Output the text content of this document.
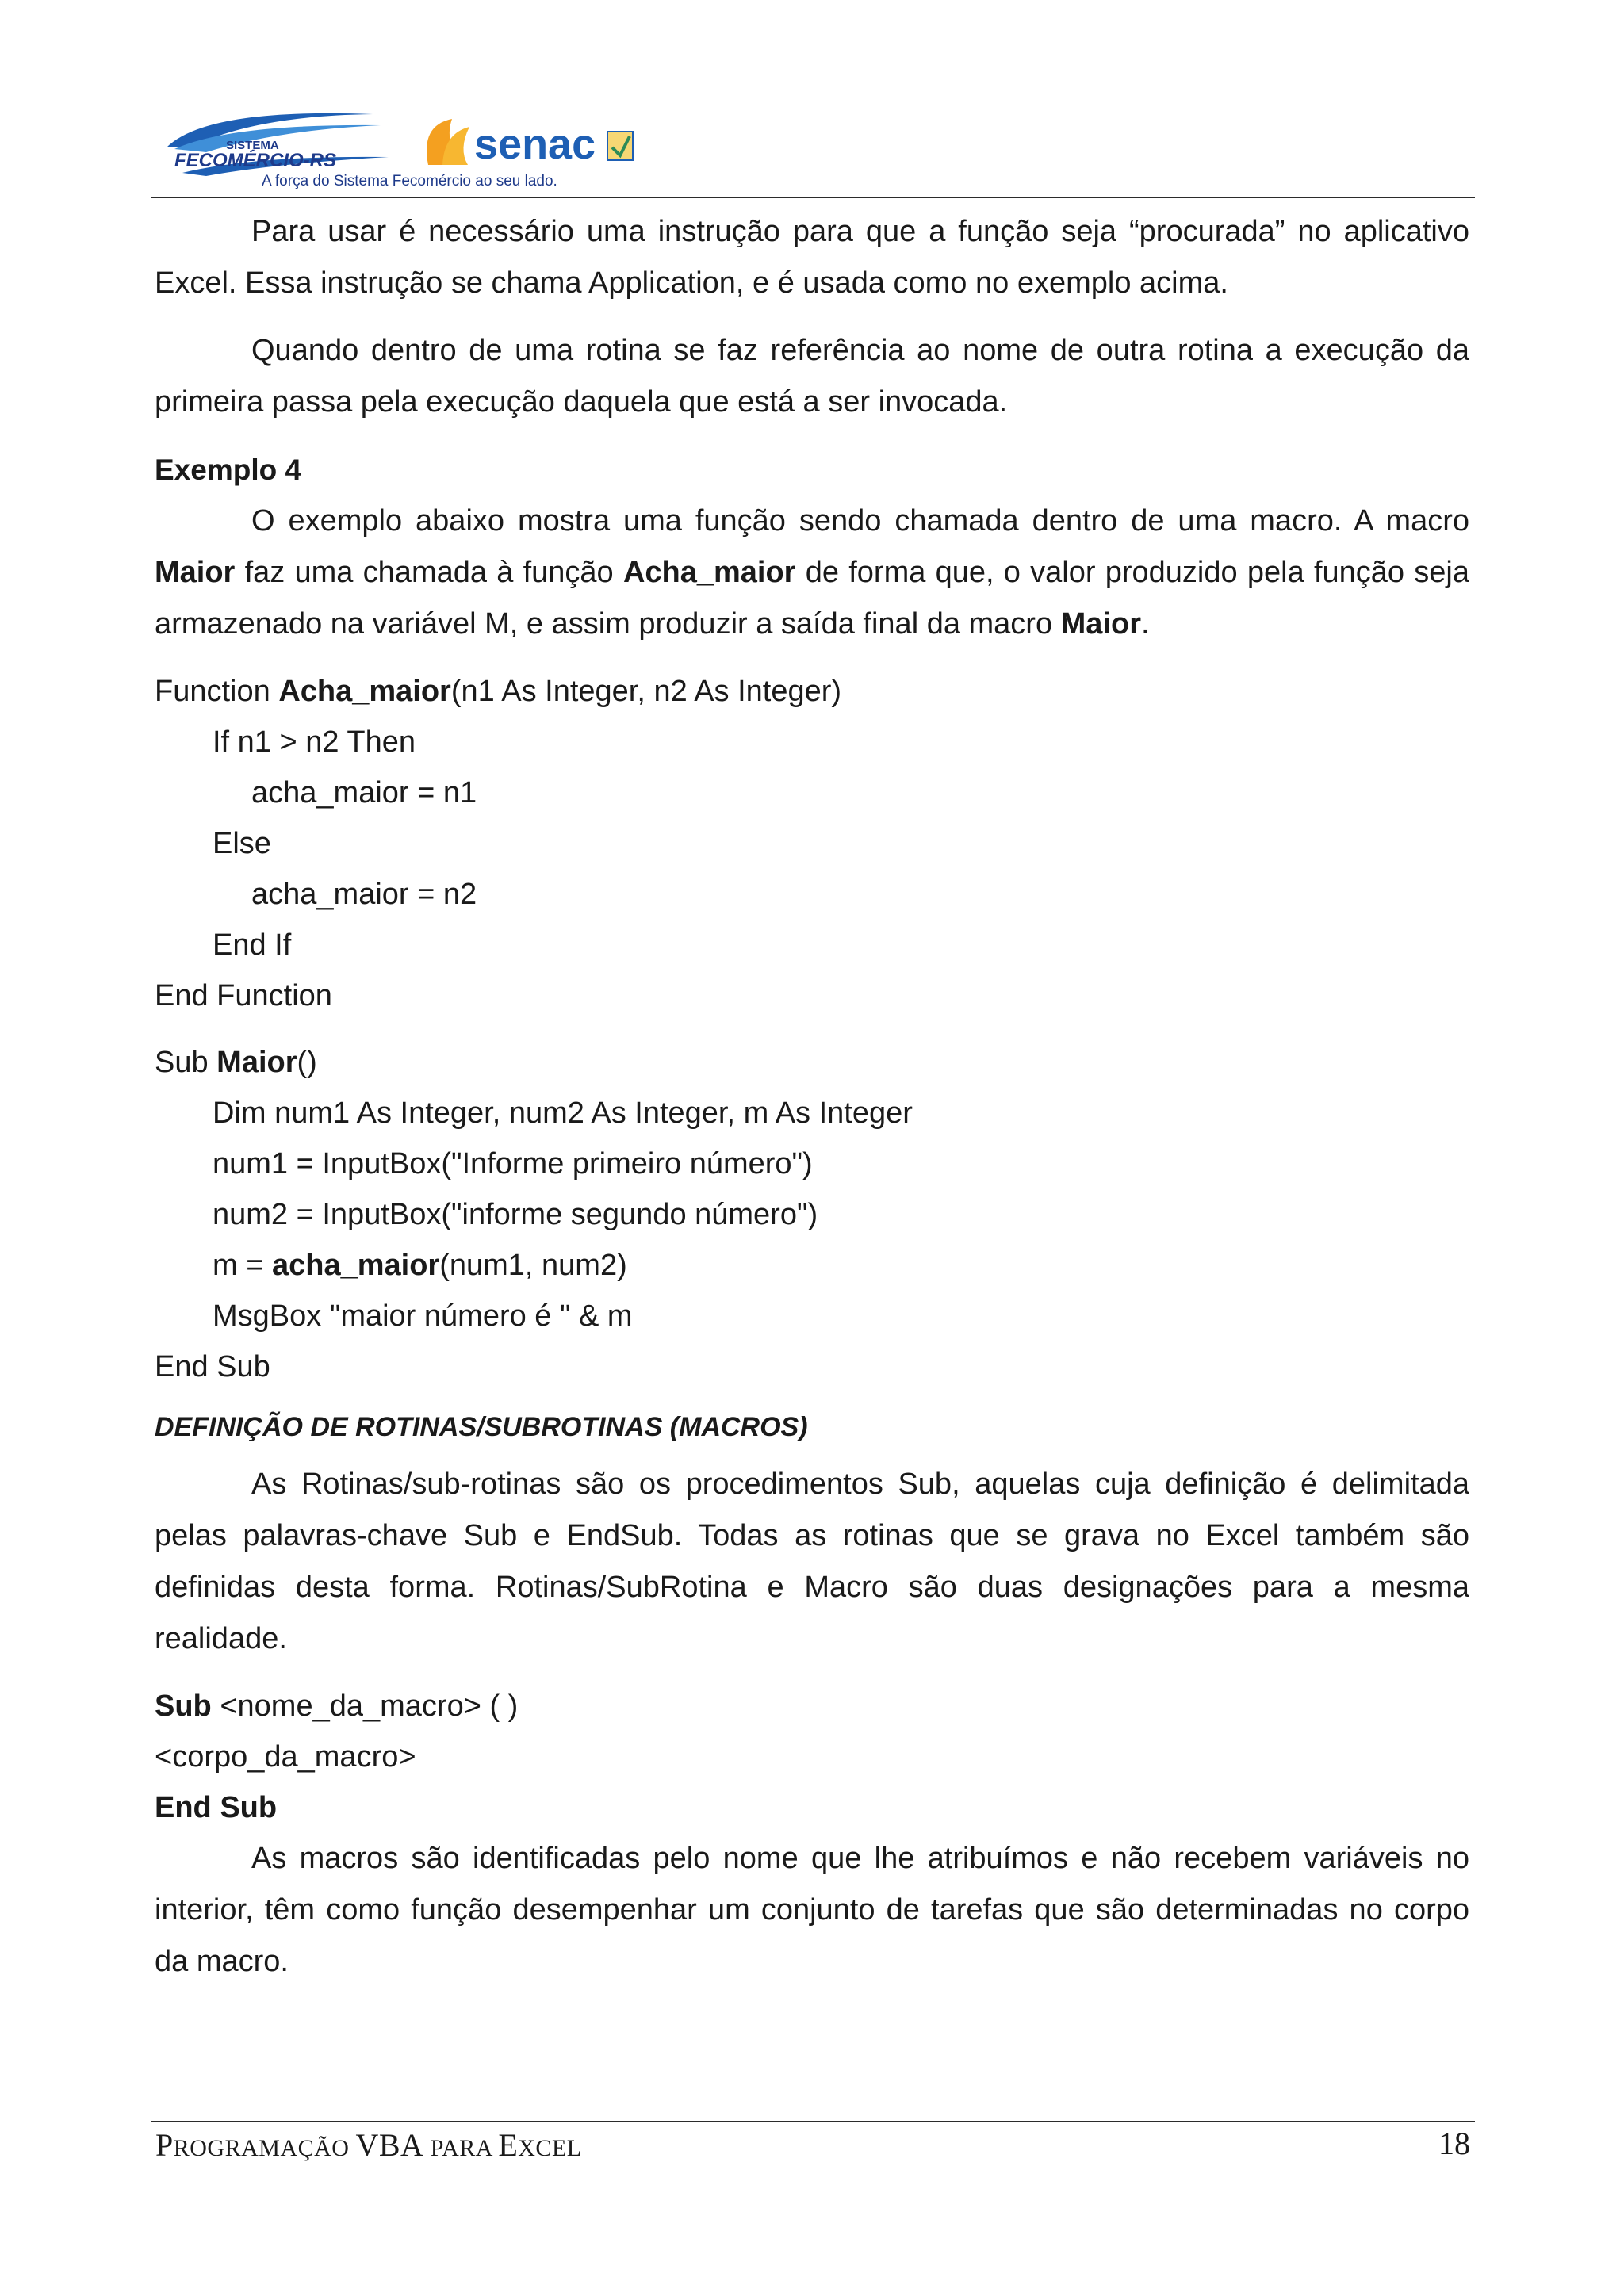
SISTEMA
FECOMÉRCIO-RS	senac
A força do Sistema Fecomércio ao seu lado.

Para usar é necessário uma instrução para que a função seja “procurada” no aplicativo Excel. Essa instrução se chama Application, e é usada como no exemplo acima.

Quando dentro de uma rotina se faz referência ao nome de outra rotina a execução da primeira passa pela execução daquela que está a ser invocada.

Exemplo 4

O exemplo abaixo mostra uma função sendo chamada dentro de uma macro. A macro Maior faz uma chamada à função Acha_maior de forma que, o valor produzido pela função seja armazenado na variável M, e assim produzir a saída final da macro Maior.

Function Acha_maior(n1 As Integer, n2 As Integer)

If n1 > n2 Then

acha_maior = n1

Else

acha_maior = n2

End If

End Function

Sub Maior()

Dim num1 As Integer, num2 As Integer, m As Integer

num1 = InputBox("Informe primeiro número")

num2 = InputBox("informe segundo número")

m = acha_maior(num1, num2)

MsgBox "maior número é " & m

End Sub

DEFINIÇÃO DE ROTINAS/SUBROTINAS (MACROS)

As Rotinas/sub-rotinas são os procedimentos Sub, aquelas cuja definição é delimitada pelas palavras-chave Sub e EndSub. Todas as rotinas que se grava no Excel também são definidas desta forma. Rotinas/SubRotina e Macro são duas designações para a mesma realidade.

Sub <nome_da_macro> ( )

<corpo_da_macro>

End Sub

As macros são identificadas pelo nome que lhe atribuímos e não recebem variáveis no interior, têm como função desempenhar um conjunto de tarefas que são determinadas no corpo da macro.

PROGRAMAÇÃO VBA PARA EXCEL	18
